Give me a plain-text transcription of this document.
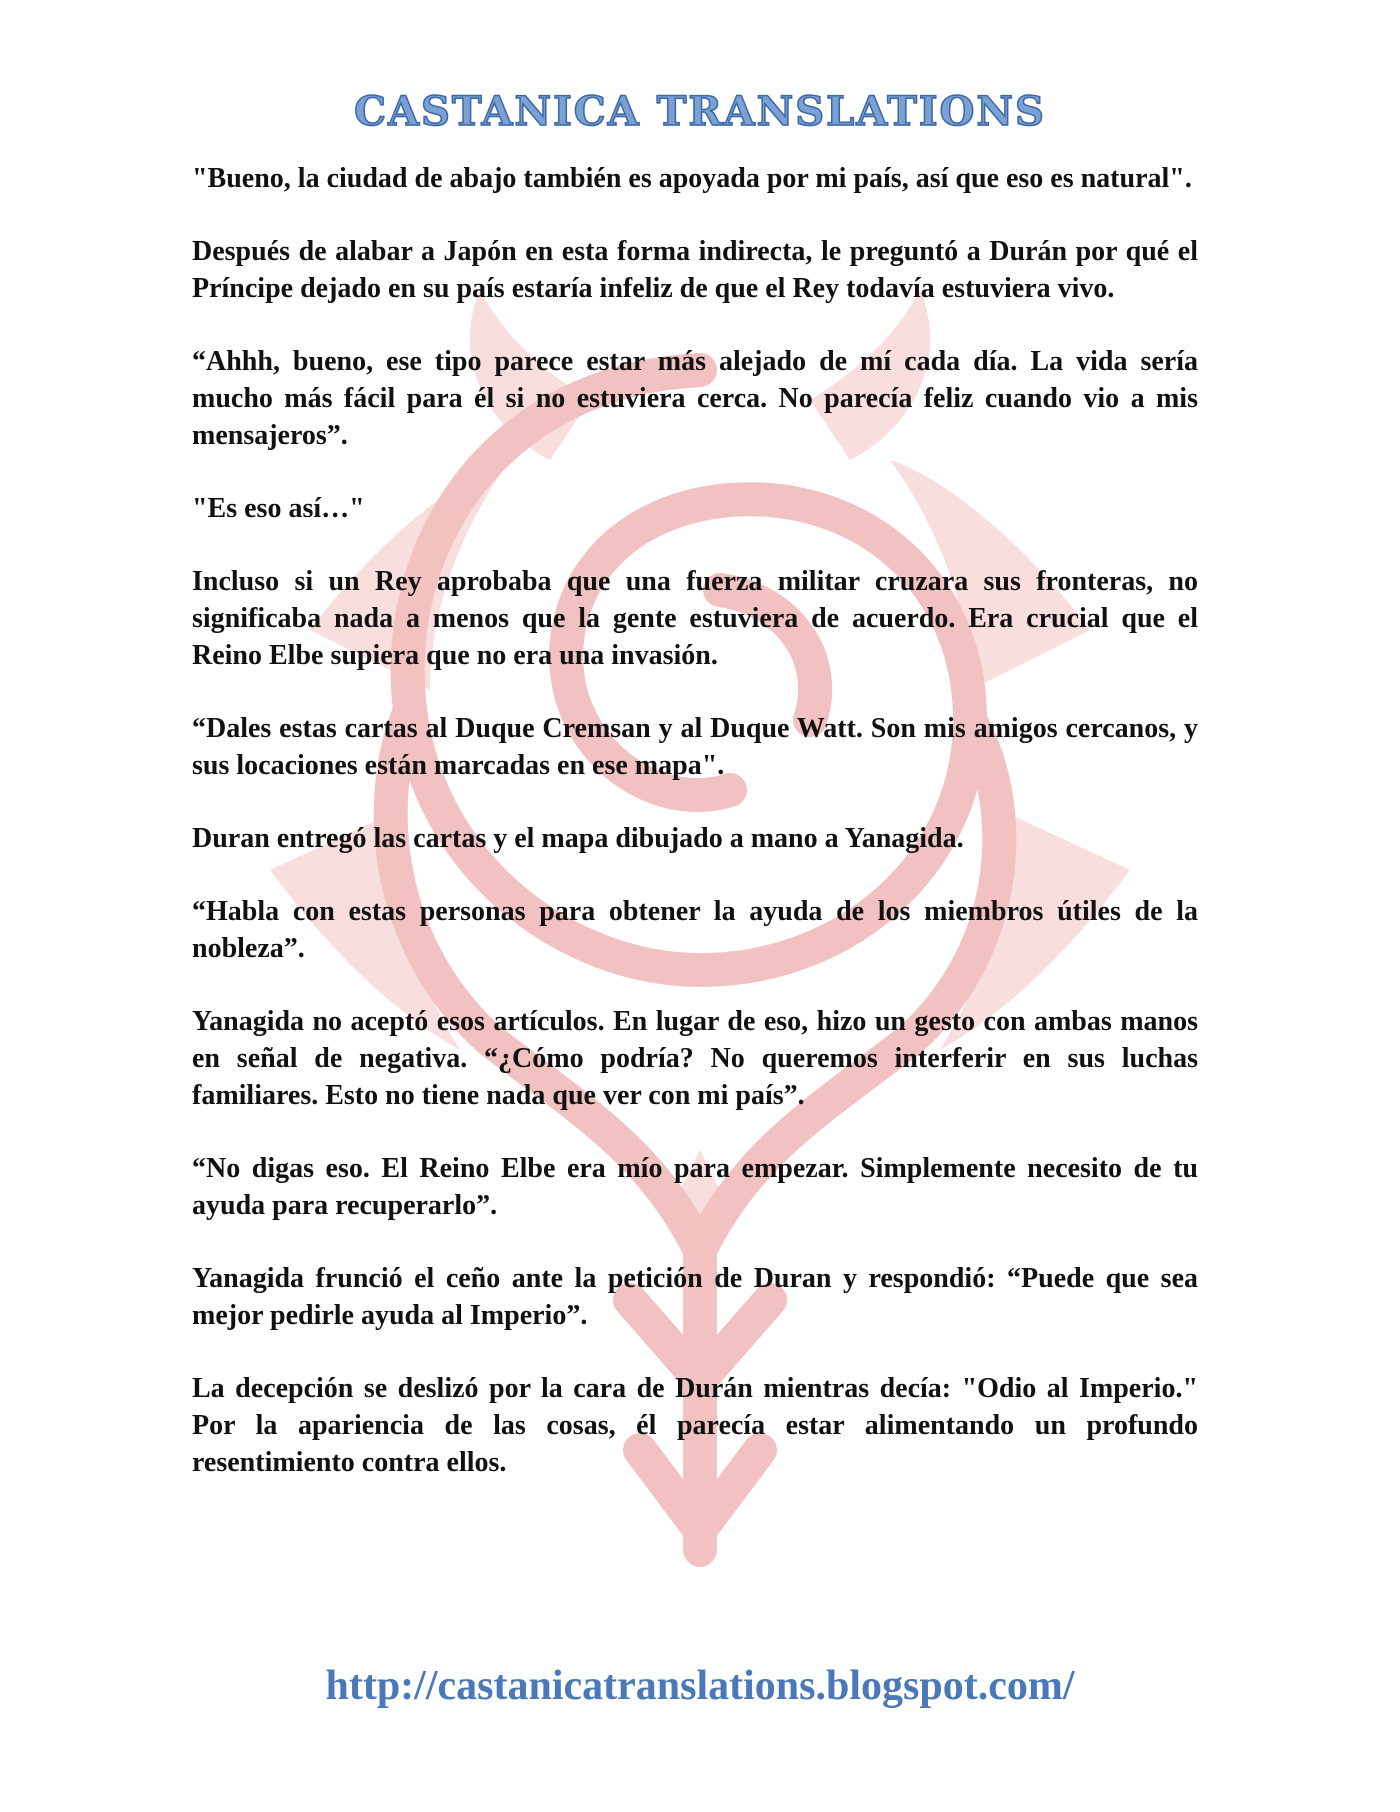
CASTANICA TRANSLATIONS

"Bueno, la ciudad de abajo también es apoyada por mi país, así que eso es natural".

Después de alabar a Japón en esta forma indirecta, le preguntó a Durán por qué el Príncipe dejado en su país estaría infeliz de que el Rey todavía estuviera vivo.

“Ahhh, bueno, ese tipo parece estar más alejado de mí cada día. La vida sería mucho más fácil para él si no estuviera cerca. No parecía feliz cuando vio a mis mensajeros”.

"Es eso así…"

Incluso si un Rey aprobaba que una fuerza militar cruzara sus fronteras, no significaba nada a menos que la gente estuviera de acuerdo. Era crucial que el Reino Elbe supiera que no era una invasión.

“Dales estas cartas al Duque Cremsan y al Duque Watt. Son mis amigos cercanos, y sus locaciones están marcadas en ese mapa".

Duran entregó las cartas y el mapa dibujado a mano a Yanagida.

“Habla con estas personas para obtener la ayuda de los miembros útiles de la nobleza”.

Yanagida no aceptó esos artículos. En lugar de eso, hizo un gesto con ambas manos en señal de negativa. “¿Cómo podría? No queremos interferir en sus luchas familiares. Esto no tiene nada que ver con mi país”.

“No digas eso. El Reino Elbe era mío para empezar. Simplemente necesito de tu ayuda para recuperarlo”.

Yanagida frunció el ceño ante la petición de Duran y respondió: “Puede que sea mejor pedirle ayuda al Imperio”.

La decepción se deslizó por la cara de Durán mientras decía: "Odio al Imperio." Por la apariencia de las cosas, él parecía estar alimentando un profundo resentimiento contra ellos.

http://castanicatranslations.blogspot.com/
